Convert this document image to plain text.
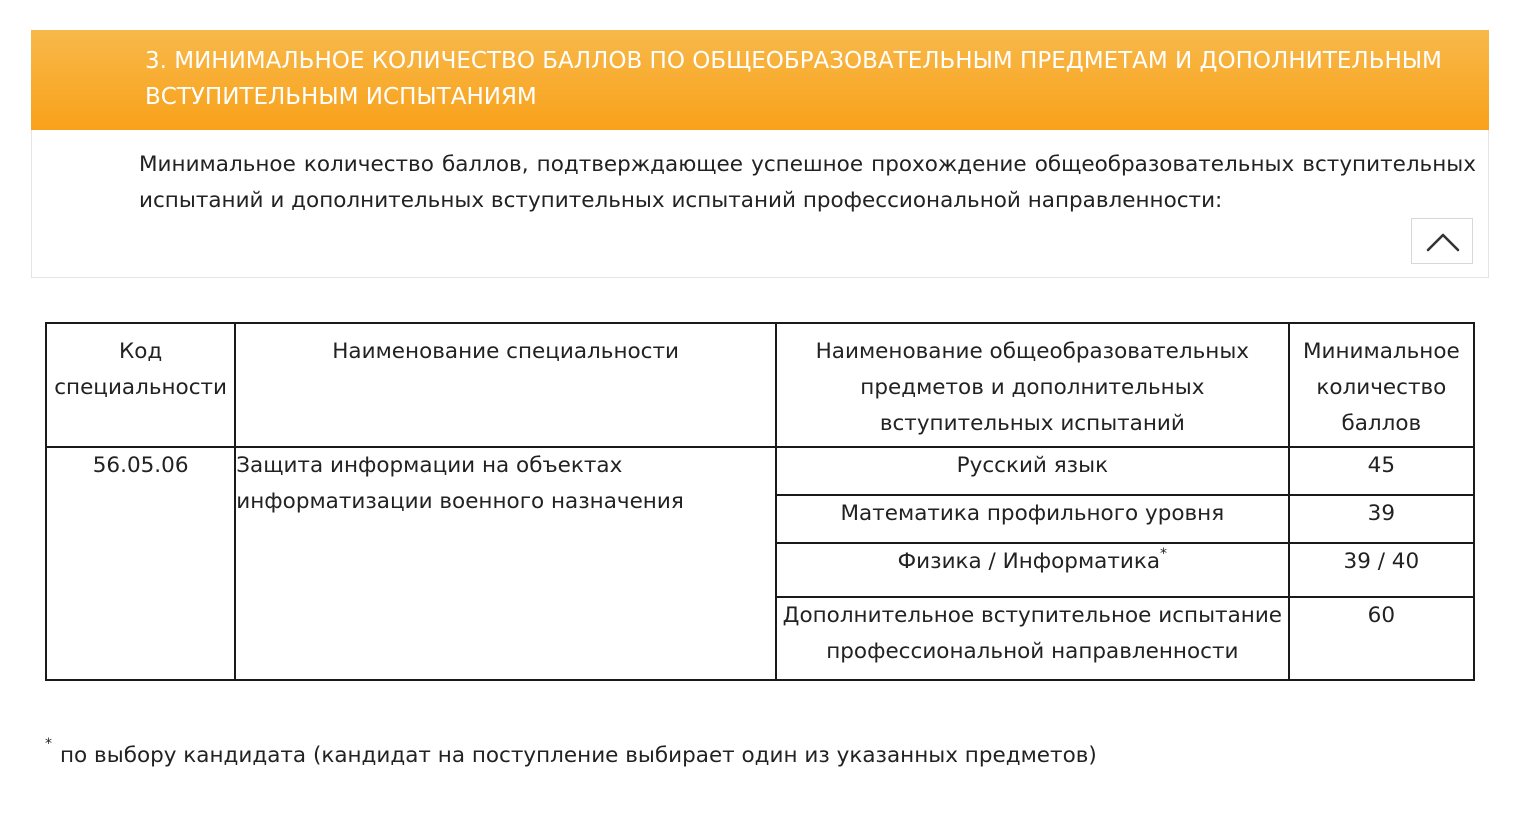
3. МИНИМАЛЬНОЕ КОЛИЧЕСТВО БАЛЛОВ ПО ОБЩЕОБРАЗОВАТЕЛЬНЫМ ПРЕДМЕТАМ И ДОПОЛНИТЕЛЬНЫМ ВСТУПИТЕЛЬНЫМ ИСПЫТАНИЯМ
Минимальное количество баллов, подтверждающее успешное прохождение общеобразовательных вступительных испытаний и дополнительных вступительных испытаний профессиональной направленности:
Код специальности	Наименование специальности	Наименование общеобразовательных предметов и дополнительных вступительных испытаний	Минимальное количество баллов
56.05.06	Защита информации на объектах информатизации военного назначения	Русский язык	45
		Математика профильного уровня	39
		Физика / Информатика*	39 / 40
		Дополнительное вступительное испытание профессиональной направленности	60
* по выбору кандидата (кандидат на поступление выбирает один из указанных предметов)
